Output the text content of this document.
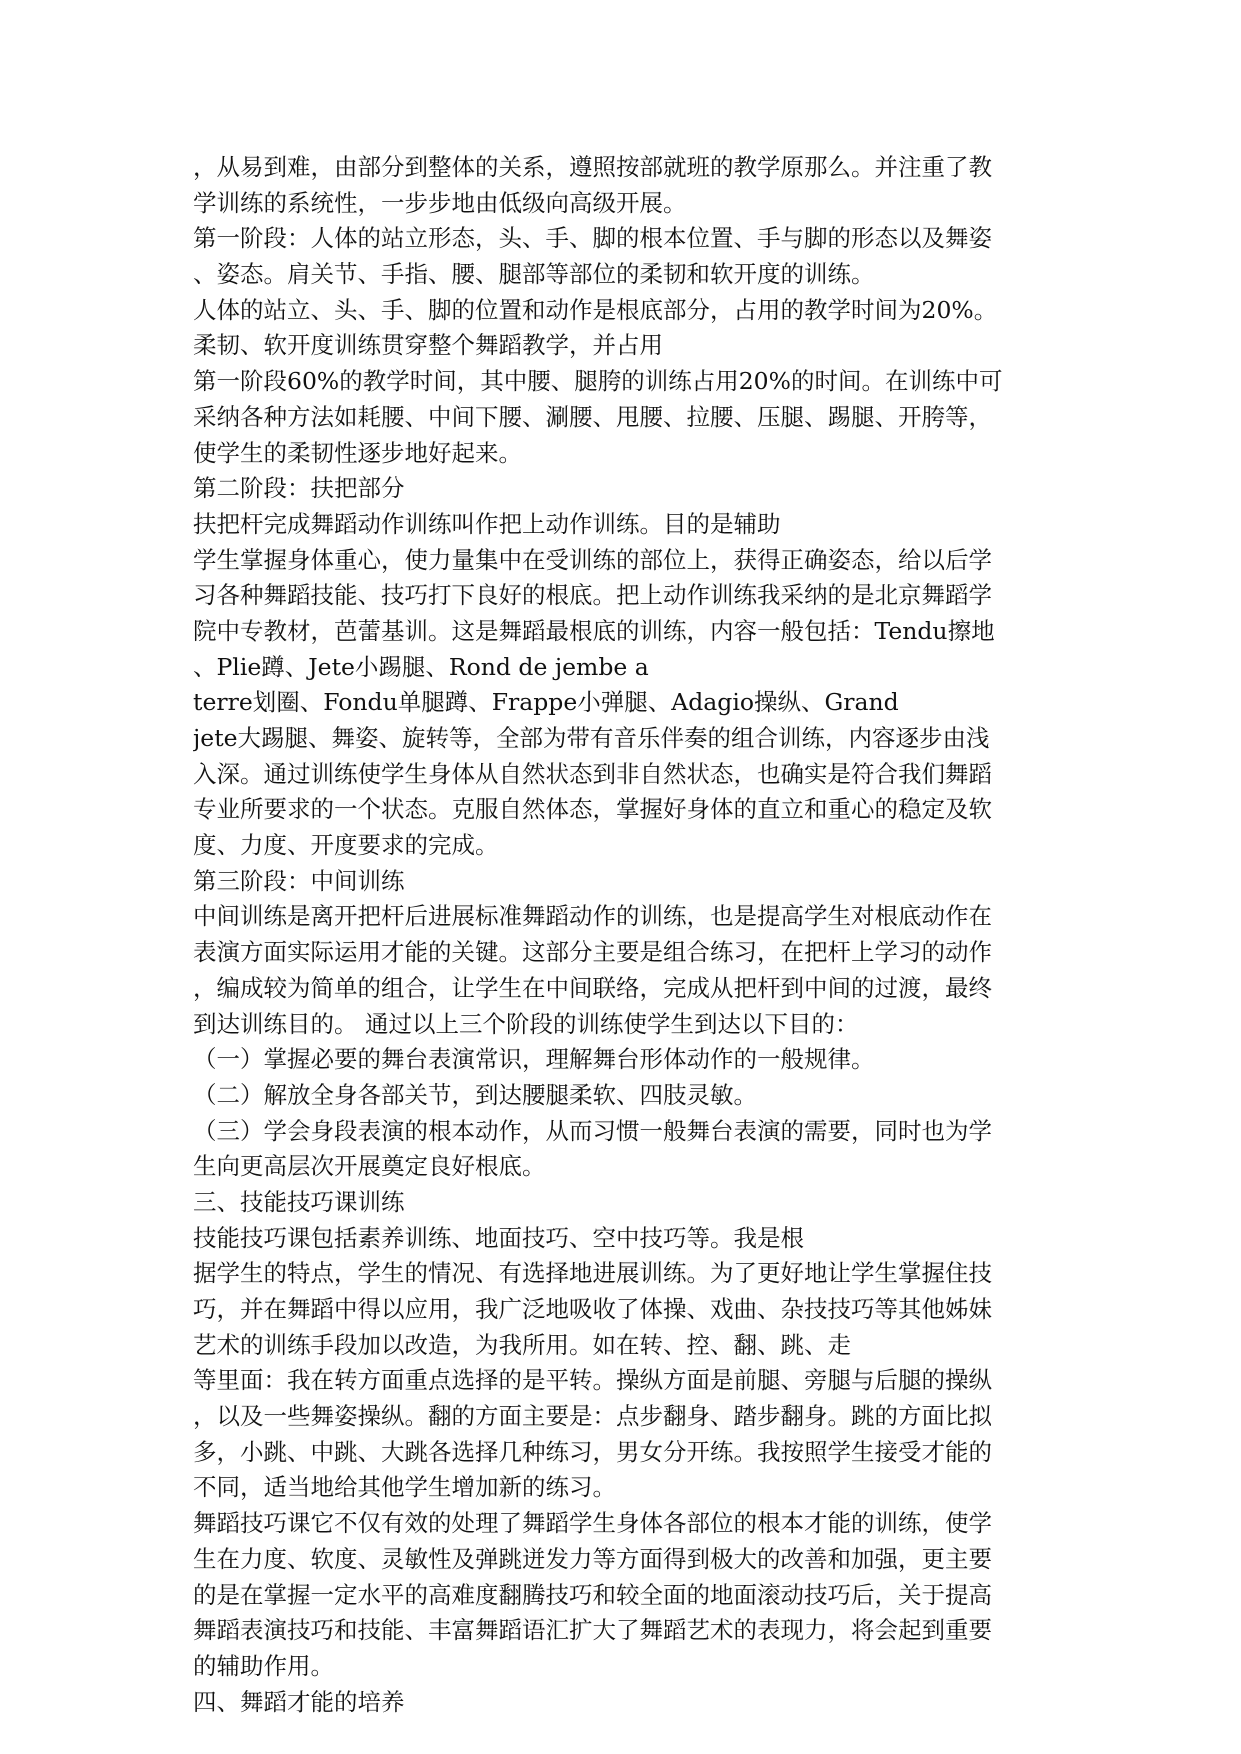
，从易到难，由部分到整体的关系，遵照按部就班的教学原那么。并注重了教
学训练的系统性，一步步地由低级向高级开展。
第一阶段：人体的站立形态，头、手、脚的根本位置、手与脚的形态以及舞姿
、姿态。肩关节、手指、腰、腿部等部位的柔韧和软开度的训练。
人体的站立、头、手、脚的位置和动作是根底部分，占用的教学时间为20%。
柔韧、软开度训练贯穿整个舞蹈教学，并占用
第一阶段60%的教学时间，其中腰、腿胯的训练占用20%的时间。在训练中可
采纳各种方法如耗腰、中间下腰、涮腰、甩腰、拉腰、压腿、踢腿、开胯等，
使学生的柔韧性逐步地好起来。
第二阶段：扶把部分
扶把杆完成舞蹈动作训练叫作把上动作训练。目的是辅助
学生掌握身体重心，使力量集中在受训练的部位上，获得正确姿态，给以后学
习各种舞蹈技能、技巧打下良好的根底。把上动作训练我采纳的是北京舞蹈学
院中专教材，芭蕾基训。这是舞蹈最根底的训练，内容一般包括：Tendu擦地
、Plie蹲、Jete小踢腿、Rond de jembe a
terre划圈、Fondu单腿蹲、Frappe小弹腿、Adagio操纵、Grand
jete大踢腿、舞姿、旋转等，全部为带有音乐伴奏的组合训练，内容逐步由浅
入深。通过训练使学生身体从自然状态到非自然状态，也确实是符合我们舞蹈
专业所要求的一个状态。克服自然体态，掌握好身体的直立和重心的稳定及软
度、力度、开度要求的完成。
第三阶段：中间训练
中间训练是离开把杆后进展标准舞蹈动作的训练，也是提高学生对根底动作在
表演方面实际运用才能的关键。这部分主要是组合练习，在把杆上学习的动作
，编成较为简单的组合，让学生在中间联络，完成从把杆到中间的过渡，最终
到达训练目的。 通过以上三个阶段的训练使学生到达以下目的：
（一）掌握必要的舞台表演常识，理解舞台形体动作的一般规律。
（二）解放全身各部关节，到达腰腿柔软、四肢灵敏。
（三）学会身段表演的根本动作，从而习惯一般舞台表演的需要，同时也为学
生向更高层次开展奠定良好根底。
三、技能技巧课训练
技能技巧课包括素养训练、地面技巧、空中技巧等。我是根
据学生的特点，学生的情况、有选择地进展训练。为了更好地让学生掌握住技
巧，并在舞蹈中得以应用，我广泛地吸收了体操、戏曲、杂技技巧等其他姊妹
艺术的训练手段加以改造，为我所用。如在转、控、翻、跳、走
等里面：我在转方面重点选择的是平转。操纵方面是前腿、旁腿与后腿的操纵
，以及一些舞姿操纵。翻的方面主要是：点步翻身、踏步翻身。跳的方面比拟
多，小跳、中跳、大跳各选择几种练习，男女分开练。我按照学生接受才能的
不同，适当地给其他学生增加新的练习。
舞蹈技巧课它不仅有效的处理了舞蹈学生身体各部位的根本才能的训练，使学
生在力度、软度、灵敏性及弹跳迸发力等方面得到极大的改善和加强，更主要
的是在掌握一定水平的高难度翻腾技巧和较全面的地面滚动技巧后，关于提高
舞蹈表演技巧和技能、丰富舞蹈语汇扩大了舞蹈艺术的表现力，将会起到重要
的辅助作用。
四、舞蹈才能的培养
